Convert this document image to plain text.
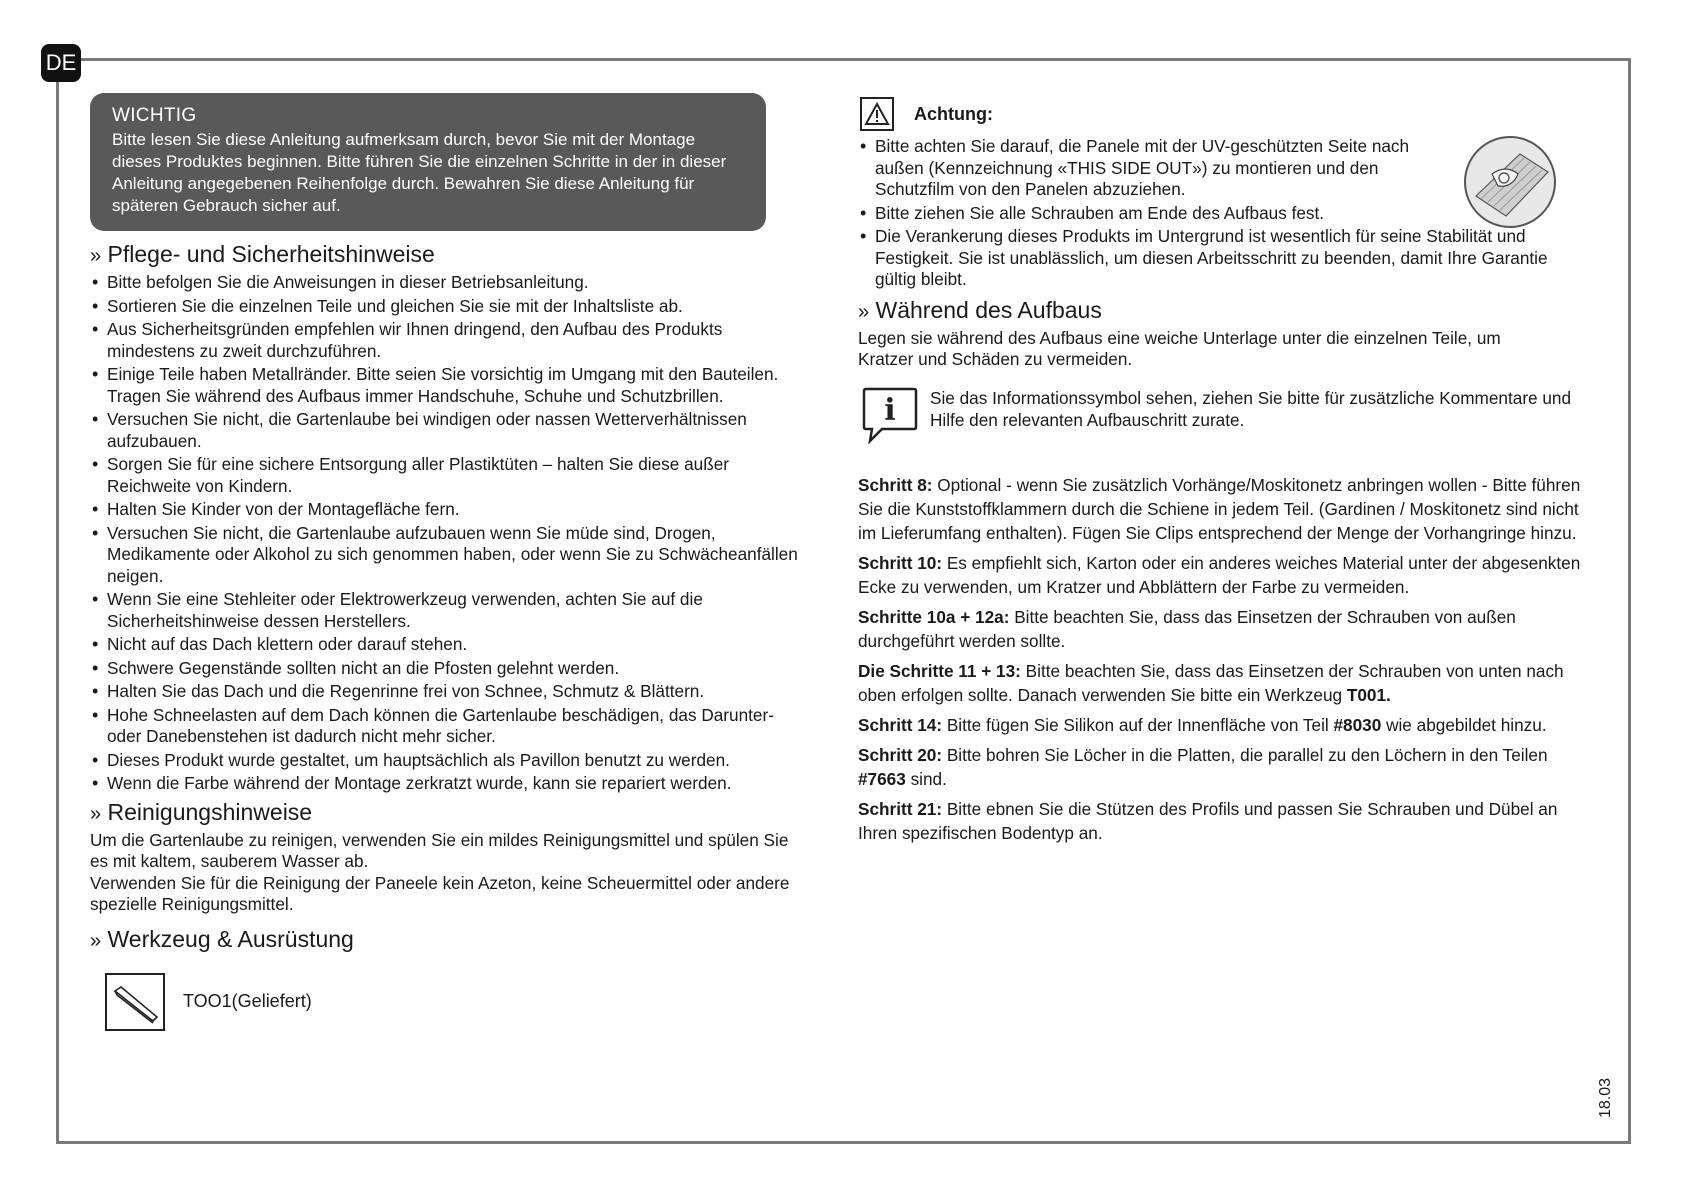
DE
WICHTIG

Bitte lesen Sie diese Anleitung aufmerksam durch, bevor Sie mit der Montage dieses Produktes beginnen. Bitte führen Sie die einzelnen Schritte in der in dieser Anleitung angegebenen Reihenfolge durch. Bewahren Sie diese Anleitung für späteren Gebrauch sicher auf.

» Pflege- und Sicherheitshinweise
• Bitte befolgen Sie die Anweisungen in dieser Betriebsanleitung.
• Sortieren Sie die einzelnen Teile und gleichen Sie sie mit der Inhaltsliste ab.
• Aus Sicherheitsgründen empfehlen wir Ihnen dringend, den Aufbau des Produkts mindestens zu zweit durchzuführen.
• Einige Teile haben Metallränder. Bitte seien Sie vorsichtig im Umgang mit den Bauteilen. Tragen Sie während des Aufbaus immer Handschuhe, Schuhe und Schutzbrillen.
• Versuchen Sie nicht, die Gartenlaube bei windigen oder nassen Wetterverhältnissen aufzubauen.
• Sorgen Sie für eine sichere Entsorgung aller Plastiktüten – halten Sie diese außer Reichweite von Kindern.
• Halten Sie Kinder von der Montagefläche fern.
• Versuchen Sie nicht, die Gartenlaube aufzubauen wenn Sie müde sind, Drogen, Medikamente oder Alkohol zu sich genommen haben, oder wenn Sie zu Schwächeanfällen neigen.
• Wenn Sie eine Stehleiter oder Elektrowerkzeug verwenden, achten Sie auf die Sicherheitshinweise dessen Herstellers.
• Nicht auf das Dach klettern oder darauf stehen.
• Schwere Gegenstände sollten nicht an die Pfosten gelehnt werden.
• Halten Sie das Dach und die Regenrinne frei von Schnee, Schmutz & Blättern.
• Hohe Schneelasten auf dem Dach können die Gartenlaube beschädigen, das Darunter- oder Danebenstehen ist dadurch nicht mehr sicher.
• Dieses Produkt wurde gestaltet, um hauptsächlich als Pavillon benutzt zu werden.
• Wenn die Farbe während der Montage zerkratzt wurde, kann sie repariert werden.
» Reinigungshinweise

Um die Gartenlaube zu reinigen, verwenden Sie ein mildes Reinigungsmittel und spülen Sie es mit kaltem, sauberem Wasser ab.

Verwenden Sie für die Reinigung der Paneele kein Azeton, keine Scheuermittel oder andere spezielle Reinigungsmittel.

» Werkzeug & Ausrüstung
TOO1(Geliefert)
Achtung:
• Bitte achten Sie darauf, die Panele mit der UV-geschützten Seite nach außen (Kennzeichnung «THIS SIDE OUT») zu montieren und den Schutzfilm von den Panelen abzuziehen.
• Bitte ziehen Sie alle Schrauben am Ende des Aufbaus fest.
• Die Verankerung dieses Produkts im Untergrund ist wesentlich für seine Stabilität und Festigkeit. Sie ist unablässlich, um diesen Arbeitsschritt zu beenden, damit Ihre Garantie gültig bleibt.
» Während des Aufbaus

Legen sie während des Aufbaus eine weiche Unterlage unter die einzelnen Teile, um Kratzer und Schäden zu vermeiden.

i Sie das Informationssymbol sehen, ziehen Sie bitte für zusätzliche Kommentare und Hilfe den relevanten Aufbauschritt zurate.

Schritt 8: Optional - wenn Sie zusätzlich Vorhänge/Moskitonetz anbringen wollen - Bitte führen Sie die Kunststoffklammern durch die Schiene in jedem Teil. (Gardinen / Moskitonetz sind nicht im Lieferumfang enthalten). Fügen Sie Clips entsprechend der Menge der Vorhangringe hinzu.

Schritt 10: Es empfiehlt sich, Karton oder ein anderes weiches Material unter der abgesenkten Ecke zu verwenden, um Kratzer und Abblättern der Farbe zu vermeiden.

Schritte 10a + 12a: Bitte beachten Sie, dass das Einsetzen der Schrauben von außen durchgeführt werden sollte.

Die Schritte 11 + 13: Bitte beachten Sie, dass das Einsetzen der Schrauben von unten nach oben erfolgen sollte. Danach verwenden Sie bitte ein Werkzeug T001.

Schritt 14: Bitte fügen Sie Silikon auf der Innenfläche von Teil #8030 wie abgebildet hinzu.

Schritt 20: Bitte bohren Sie Löcher in die Platten, die parallel zu den Löchern in den Teilen #7663 sind.

Schritt 21: Bitte ebnen Sie die Stützen des Profils und passen Sie Schrauben und Dübel an Ihren spezifischen Bodentyp an.

18.03
